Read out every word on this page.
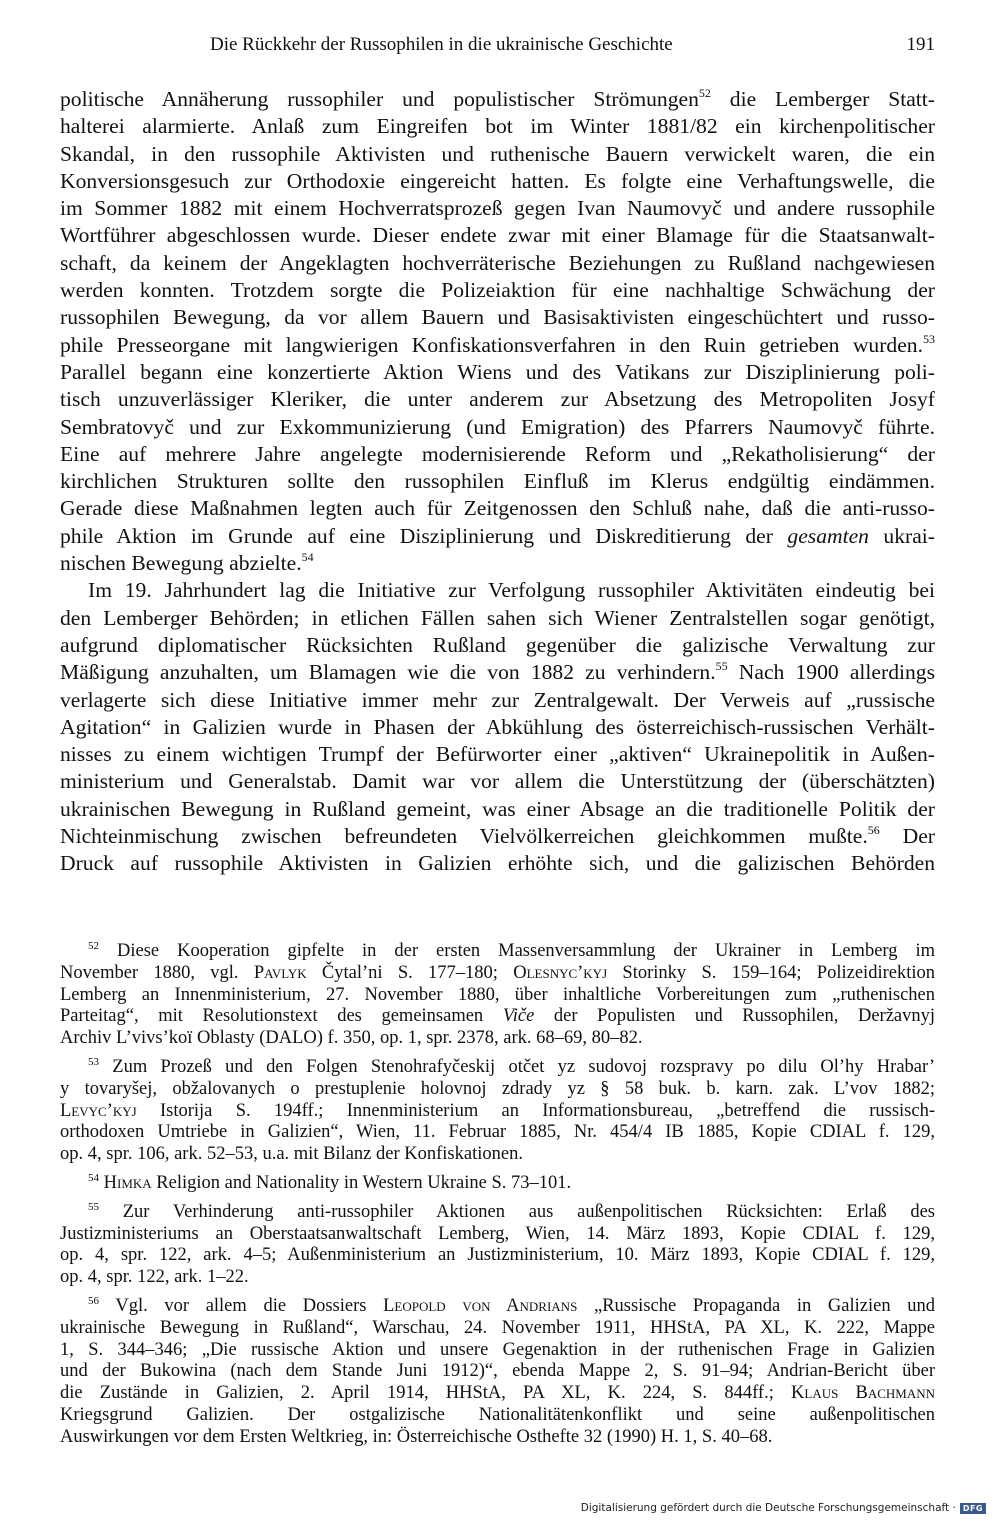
Die Rückkehr der Russophilen in die ukrainische Geschichte	191
politische Annäherung russophiler und populistischer Strömungen$^{52}$ die Lemberger Statt-
halterei alarmierte. Anlaß zum Eingreifen bot im Winter 1881/82 ein kirchenpolitischer
Skandal, in den russophile Aktivisten und ruthenische Bauern verwickelt waren, die ein
Konversionsgesuch zur Orthodoxie eingereicht hatten. Es folgte eine Verhaftungswelle, die
im Sommer 1882 mit einem Hochverratsprozeß gegen Ivan Naumovyč und andere russophile
Wortführer abgeschlossen wurde. Dieser endete zwar mit einer Blamage für die Staatsanwalt-
schaft, da keinem der Angeklagten hochverräterische Beziehungen zu Rußland nachgewiesen
werden konnten. Trotzdem sorgte die Polizeiaktion für eine nachhaltige Schwächung der
russophilen Bewegung, da vor allem Bauern und Basisaktivisten eingeschüchtert und russo-
phile Presseorgane mit langwierigen Konfiskationsverfahren in den Ruin getrieben wurden.$^{53}$
Parallel begann eine konzertierte Aktion Wiens und des Vatikans zur Disziplinierung poli-
tisch unzuverlässiger Kleriker, die unter anderem zur Absetzung des Metropoliten Josyf
Sembratovyč und zur Exkommunizierung (und Emigration) des Pfarrers Naumovyč führte.
Eine auf mehrere Jahre angelegte modernisierende Reform und „Rekatholisierung“ der
kirchlichen Strukturen sollte den russophilen Einfluß im Klerus endgültig eindämmen.
Gerade diese Maßnahmen legten auch für Zeitgenossen den Schluß nahe, daß die anti-russo-
phile Aktion im Grunde auf eine Disziplinierung und Diskreditierung der gesamten ukrai-
nischen Bewegung abzielte.$^{54}$
Im 19. Jahrhundert lag die Initiative zur Verfolgung russophiler Aktivitäten eindeutig bei
den Lemberger Behörden; in etlichen Fällen sahen sich Wiener Zentralstellen sogar genötigt,
aufgrund diplomatischer Rücksichten Rußland gegenüber die galizische Verwaltung zur
Mäßigung anzuhalten, um Blamagen wie die von 1882 zu verhindern.$^{55}$ Nach 1900 allerdings
verlagerte sich diese Initiative immer mehr zur Zentralgewalt. Der Verweis auf „russische
Agitation“ in Galizien wurde in Phasen der Abkühlung des österreichisch-russischen Verhält-
nisses zu einem wichtigen Trumpf der Befürworter einer „aktiven“ Ukrainepolitik in Außen-
ministerium und Generalstab. Damit war vor allem die Unterstützung der (überschätzten)
ukrainischen Bewegung in Rußland gemeint, was einer Absage an die traditionelle Politik der
Nichteinmischung zwischen befreundeten Vielvölkerreichen gleichkommen mußte.$^{56}$ Der
Druck auf russophile Aktivisten in Galizien erhöhte sich, und die galizischen Behörden
$^{52}$ Diese Kooperation gipfelte in der ersten Massenversammlung der Ukrainer in Lemberg im
November 1880, vgl. Pavlyk Čytal’ni S. 177–180; Olesnyc’kyj Storinky S. 159–164; Polizeidirektion
Lemberg an Innenministerium, 27. November 1880, über inhaltliche Vorbereitungen zum „ruthenischen
Parteitag“, mit Resolutionstext des gemeinsamen Viče der Populisten und Russophilen, Deržavnyj
Archiv L’vivs’koï Oblasty (DALO) f. 350, op. 1, spr. 2378, ark. 68–69, 80–82.
$^{53}$ Zum Prozeß und den Folgen Stenohrafyčeskij otčet yz sudovoj rozspravy po dilu Ol’hy Hrabar’
y tovaryšej, obžalovanych o prestuplenie holovnoj zdrady yz § 58 buk. b. karn. zak. L’vov 1882;
Levyc’kyj Istorija S. 194ff.; Innenministerium an Informationsbureau, „betreffend die russisch-
orthodoxen Umtriebe in Galizien“, Wien, 11. Februar 1885, Nr. 454/4 IB 1885, Kopie CDIAL f. 129,
op. 4, spr. 106, ark. 52–53, u.a. mit Bilanz der Konfiskationen.
$^{54}$ Himka Religion and Nationality in Western Ukraine S. 73–101.
$^{55}$ Zur Verhinderung anti-russophiler Aktionen aus außenpolitischen Rücksichten: Erlaß des
Justizministeriums an Oberstaatsanwaltschaft Lemberg, Wien, 14. März 1893, Kopie CDIAL f. 129,
op. 4, spr. 122, ark. 4–5; Außenministerium an Justizministerium, 10. März 1893, Kopie CDIAL f. 129,
op. 4, spr. 122, ark. 1–22.
$^{56}$ Vgl. vor allem die Dossiers Leopold von Andrians „Russische Propaganda in Galizien und
ukrainische Bewegung in Rußland“, Warschau, 24. November 1911, HHStA, PA XL, K. 222, Mappe
1, S. 344–346; „Die russische Aktion und unsere Gegenaktion in der ruthenischen Frage in Galizien
und der Bukowina (nach dem Stande Juni 1912)“, ebenda Mappe 2, S. 91–94; Andrian-Bericht über
die Zustände in Galizien, 2. April 1914, HHStA, PA XL, K. 224, S. 844ff.; Klaus Bachmann
Kriegsgrund Galizien. Der ostgalizische Nationalitätenkonflikt und seine außenpolitischen
Auswirkungen vor dem Ersten Weltkrieg, in: Österreichische Osthefte 32 (1990) H. 1, S. 40–68.
Digitalisierung gefördert durch die Deutsche Forschungsgemeinschaft · DFG
